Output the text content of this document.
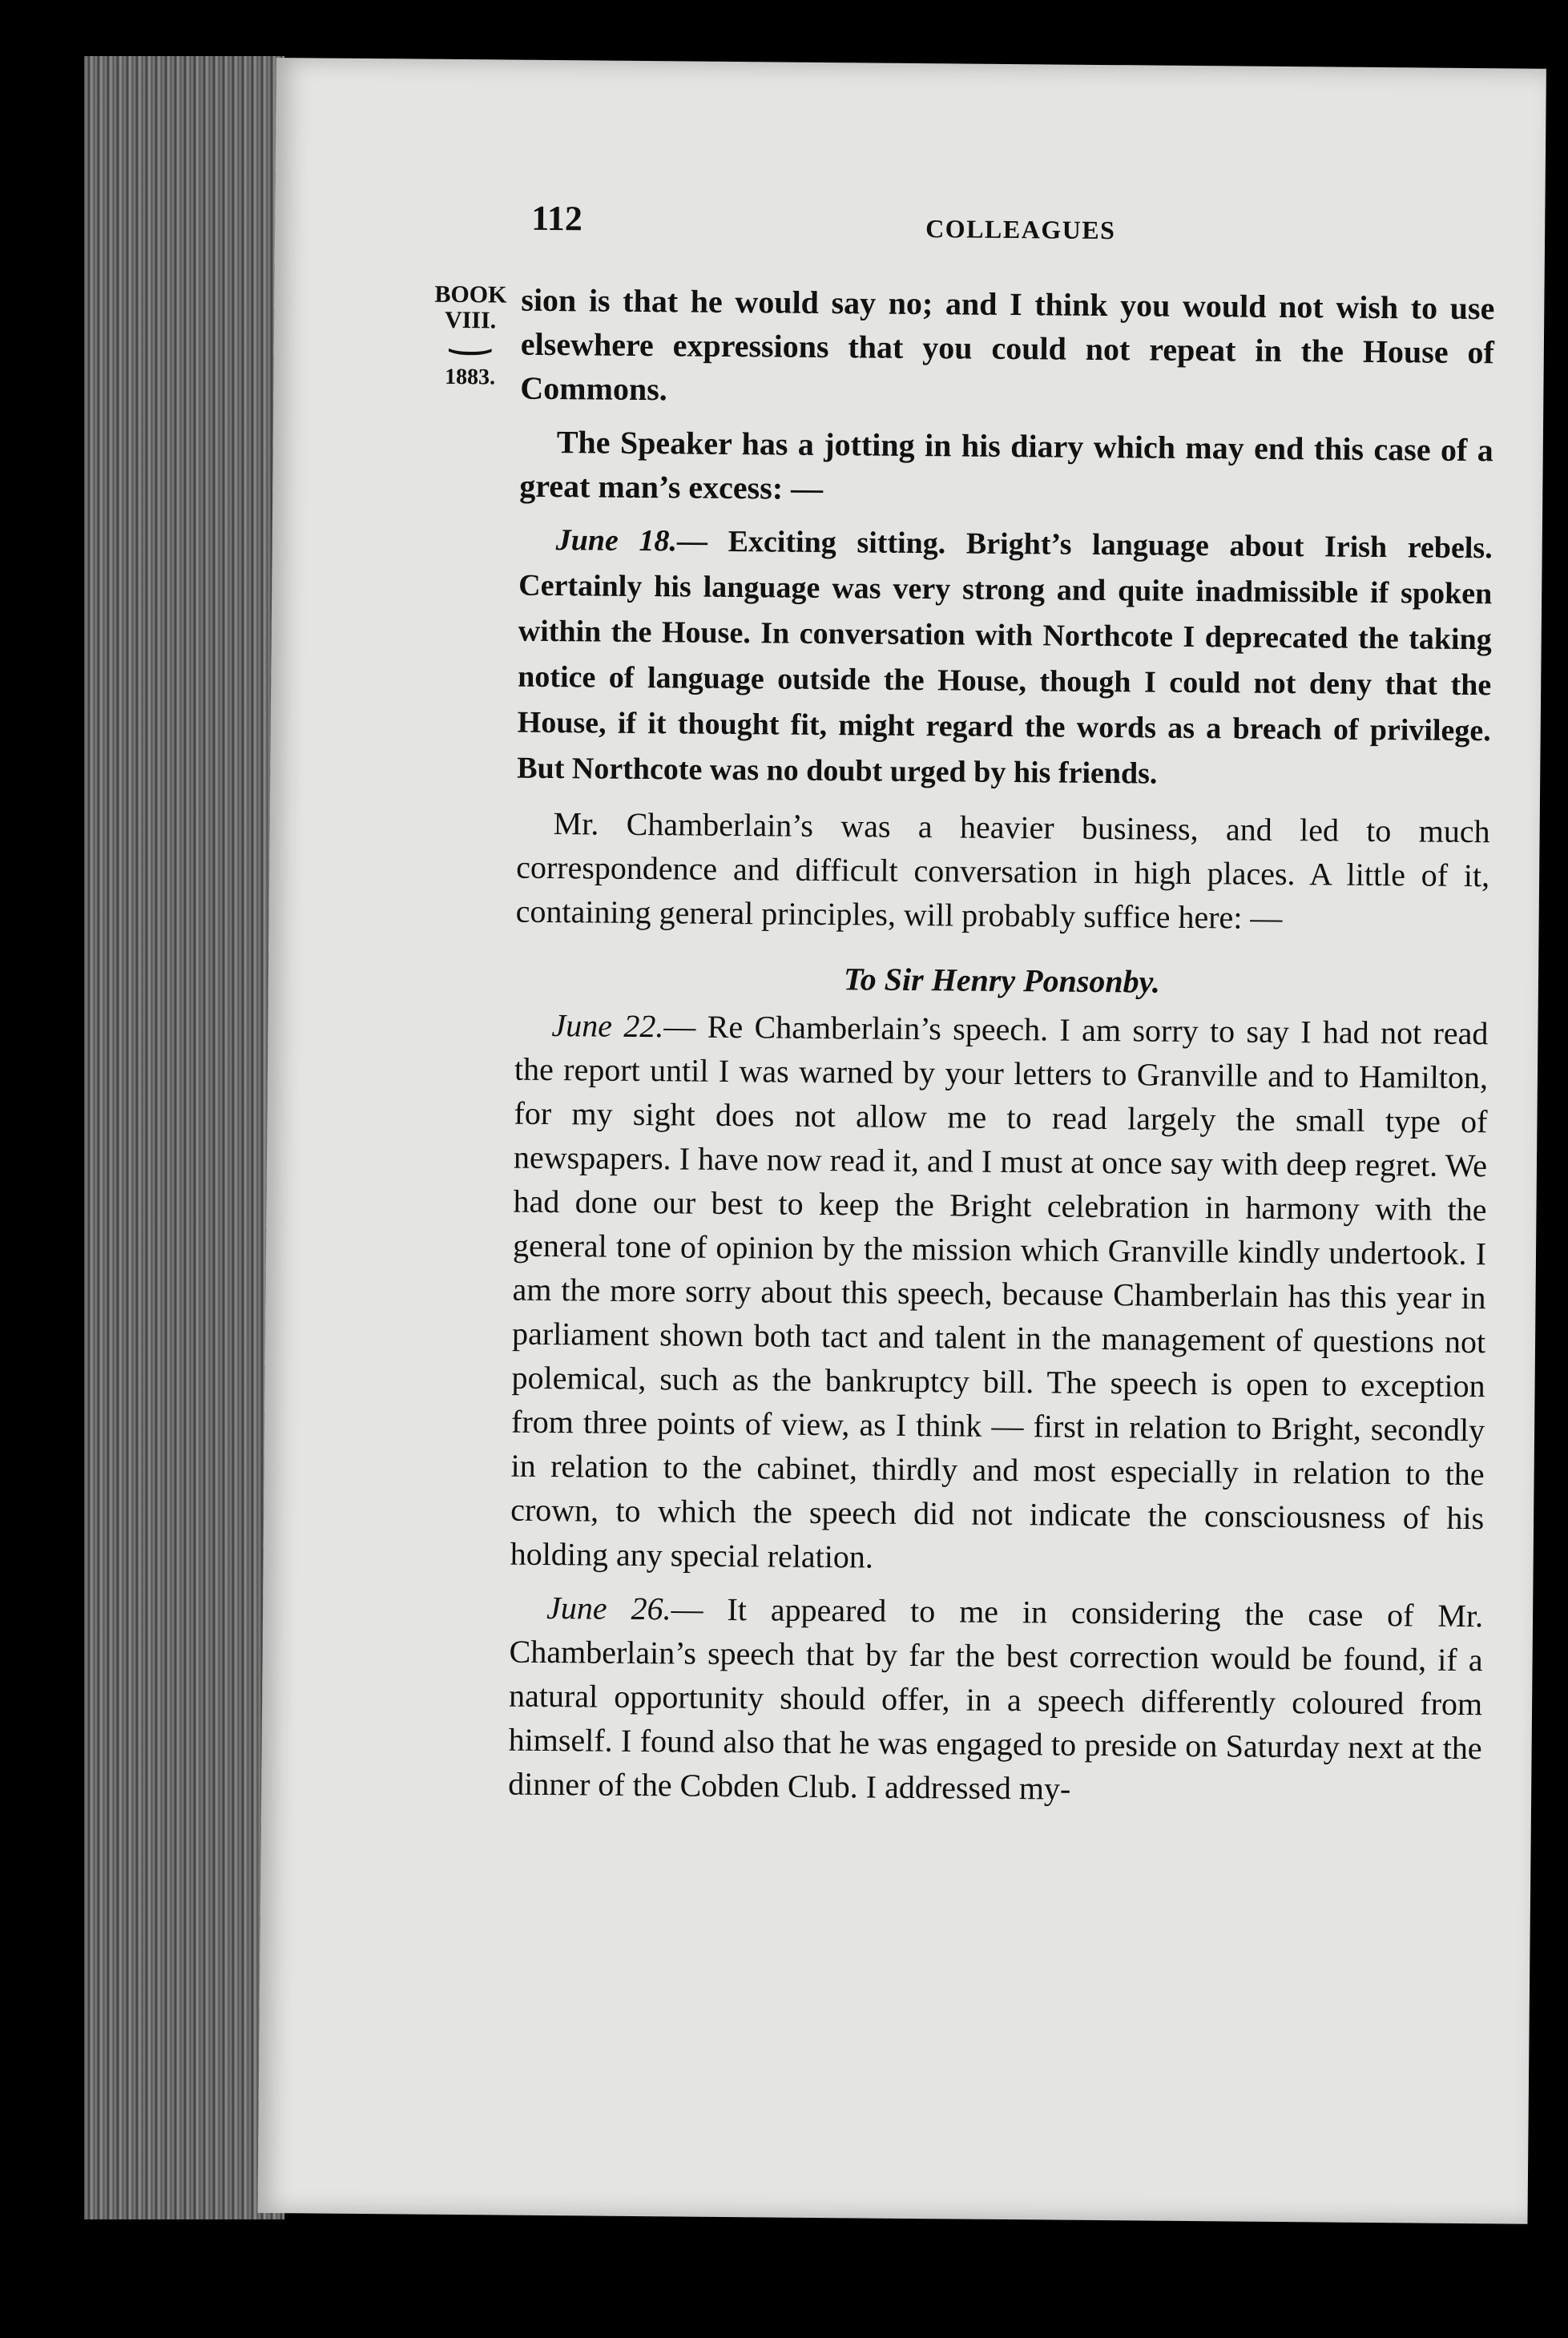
112	COLLEAGUES
BOOK
VIII.
⌣
1883.

sion is that he would say no; and I think you would not wish to use elsewhere expressions that you could not repeat in the House of Commons.

The Speaker has a jotting in his diary which may end this case of a great man’s excess: —

June 18.— Exciting sitting. Bright’s language about Irish rebels. Certainly his language was very strong and quite inadmissible if spoken within the House. In conversation with Northcote I deprecated the taking notice of language outside the House, though I could not deny that the House, if it thought fit, might regard the words as a breach of privilege. But Northcote was no doubt urged by his friends.

Mr. Chamberlain’s was a heavier business, and led to much correspondence and difficult conversation in high places. A little of it, containing general principles, will probably suffice here: —

To Sir Henry Ponsonby.

June 22.— Re Chamberlain’s speech. I am sorry to say I had not read the report until I was warned by your letters to Granville and to Hamilton, for my sight does not allow me to read largely the small type of newspapers. I have now read it, and I must at once say with deep regret. We had done our best to keep the Bright celebration in harmony with the general tone of opinion by the mission which Granville kindly undertook. I am the more sorry about this speech, because Chamberlain has this year in parliament shown both tact and talent in the management of questions not polemical, such as the bankruptcy bill. The speech is open to exception from three points of view, as I think — first in relation to Bright, secondly in relation to the cabinet, thirdly and most especially in relation to the crown, to which the speech did not indicate the consciousness of his holding any special relation.

June 26.— It appeared to me in considering the case of Mr. Chamberlain’s speech that by far the best correction would be found, if a natural opportunity should offer, in a speech differently coloured from himself. I found also that he was engaged to preside on Saturday next at the dinner of the Cobden Club. I addressed my-
